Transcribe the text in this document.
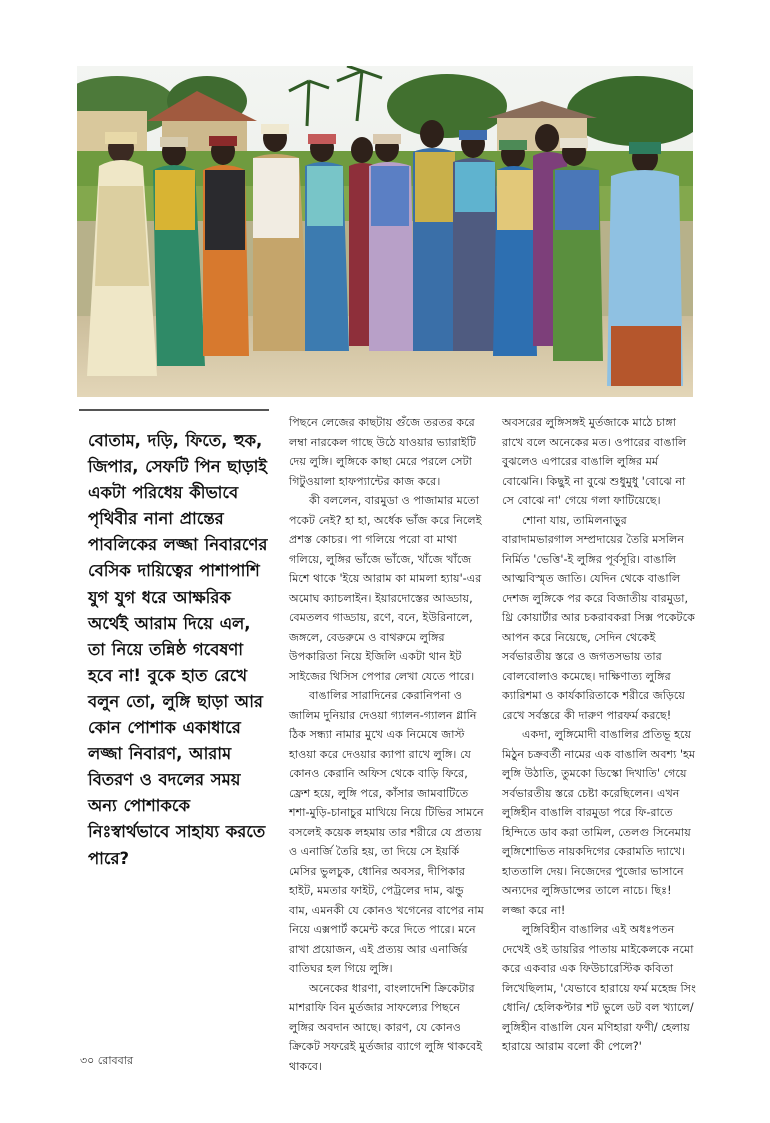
বোতাম, দড়ি, ফিতে, হুক, জিপার, সেফটি পিন ছাড়াই একটা পরিধেয় কীভাবে পৃথিবীর নানা প্রান্তের পাবলিকের লজ্জা নিবারণের বেসিক দায়িত্বের পাশাপাশি যুগ যুগ ধরে আক্ষরিক অর্থেই আরাম দিয়ে এল, তা নিয়ে তন্নিষ্ঠ গবেষণা হবে না! বুকে হাত রেখে বলুন তো, লুঙ্গি ছাড়া আর কোন পোশাক একাধারে লজ্জা নিবারণ, আরাম বিতরণ ও বদলের সময় অন্য পোশাককে নিঃস্বার্থভাবে সাহায্য করতে পারে?

পিছনে লেজের কাছটায় গুঁজে তরতর করে লম্বা নারকেল গাছে উঠে যাওয়ার ভ্যারাইটি দেয় লুঙ্গি। লুঙ্গিকে কাছা মেরে পরলে সেটা গিটুওয়ালা হাফপ্যান্টের কাজ করে।

কী বললেন, বারমুডা ও পাজামার মতো পকেট নেই? হা হা, অর্ধেক ভাঁজ করে নিলেই প্রশস্ত কোচর। পা গলিয়ে পরো বা মাথা গলিয়ে, লুঙ্গির ভাঁজে ভাঁজে, খাঁজে খাঁজে মিশে থাকে 'ইয়ে আরাম কা মামলা হ্যায়'-এর অমোঘ ক্যাচলাইন। ইয়ারদোস্তের আড্ডায়, বেমতলব গাড্ডায়, রণে, বনে, ইউরিনালে, জঙ্গলে, বেডরুমে ও বাথরুমে লুঙ্গির উপকারিতা নিয়ে ইজিলি একটা থান ইট সাইজের থিসিস পেপার লেখা যেতে পারে।

বাঙালির সারাদিনের কেরানিপনা ও জালিম দুনিয়ার দেওয়া গ্যালন-গ্যালন গ্লানি ঠিক সন্ধ্যা নামার মুখে এক নিমেষে জাস্ট হাওয়া করে দেওয়ার ক্যাপা রাখে লুঙ্গি। যে কোনও কেরানি অফিস থেকে বাড়ি ফিরে, ফ্রেশ হয়ে, লুঙ্গি পরে, কাঁসার জামবাটিতে শশা-মুড়ি-চানাচুর মাখিয়ে নিয়ে টিভির সামনে বসলেই কয়েক লহমায় তার শরীরে যে প্রত্যয় ও এনার্জি তৈরি হয়, তা দিয়ে সে ইয়র্কি মেসির ভুলচুক, ধোনির অবসর, দীপিকার হাইট, মমতার ফাইট, পেট্রলের দাম, ঝন্ডু বাম, এমনকী যে কোনও খগেনের বাপের নাম নিয়ে এক্সপার্ট কমেন্ট করে দিতে পারে। মনে রাখা প্রয়োজন, এই প্রত্যয় আর এনার্জির বাতিঘর হল গিয়ে লুঙ্গি।

অনেকের ধারণা, বাংলাদেশি ক্রিকেটার মাশরাফি বিন মুর্তজার সাফল্যের পিছনে লুঙ্গির অবদান আছে। কারণ, যে কোনও ক্রিকেট সফরেই মুর্তজার ব্যাগে লুঙ্গি থাকবেই থাকবে।

অবসরের লুঙ্গিসঙ্গই মুর্তজাকে মাঠে চাঙ্গা রাখে বলে অনেকের মত। ওপারের বাঙালি বুঝলেও এপারের বাঙালি লুঙ্গির মর্ম বোঝেনি। কিছুই না বুঝে শুধুমুধু 'বোঝে না সে বোঝে না' গেয়ে গলা ফাটিয়েছে।

শোনা যায়, তামিলনাড়ুর বারাদামভারগাল সম্প্রদায়ের তৈরি মসলিন নির্মিত 'ভেত্তি'-ই লুঙ্গির পূর্বসূরি। বাঙালি আত্মবিস্মৃত জাতি। যেদিন থেকে বাঙালি দেশজ লুঙ্গিকে পর করে বিজাতীয় বারমুডা, থ্রি কোয়ার্টার আর চকরাবকরা সিক্স পকেটকে আপন করে নিয়েছে, সেদিন থেকেই সর্বভারতীয় স্তরে ও জগতসভায় তার বোলবোলাও কমেছে। দাক্ষিণাত্য লুঙ্গির ক্যারিশমা ও কার্যকারিতাকে শরীরে জড়িয়ে রেখে সর্বস্তরে কী দারুণ পারফর্ম করছে!

একদা, লুঙ্গিমোদী বাঙালির প্রতিভূ হয়ে মিঠুন চক্রবর্তী নামের এক বাঙালি অবশ্য 'হম লুঙ্গি উঠাতি, তুমকো ডিস্কো দিখাতি' গেয়ে সর্বভারতীয় স্তরে চেষ্টা করেছিলেন। এখন লুঙ্গিহীন বাঙালি বারমুডা পরে ফি-রাতে হিন্দিতে ডাব করা তামিল, তেলগু সিনেমায় লুঙ্গিশোভিত নায়কদিগের কেরামতি দ্যাখে। হাততালি দেয়। নিজেদের পুজোর ভাসানে অন্যদের লুঙ্গিডান্সের তালে নাচে। ছিঃ! লজ্জা করে না!

লুঙ্গিবিহীন বাঙালির এই অধঃপতন দেখেই ওই ডায়রির পাতায় মাইকেলকে নমো করে একবার এক ফিউচারেস্টিক কবিতা লিখেছিলাম, 'যেভাবে হারায়ে ফর্ম মহেন্দ্র সিং ধোনি/ হেলিকপ্টার শট ভুলে ডট বল খ্যালে/ লুঙ্গিহীন বাঙালি যেন মণিহারা ফণী/ হেলায় হারায়ে আরাম বলো কী পেলে?'

৩০ রোববার
